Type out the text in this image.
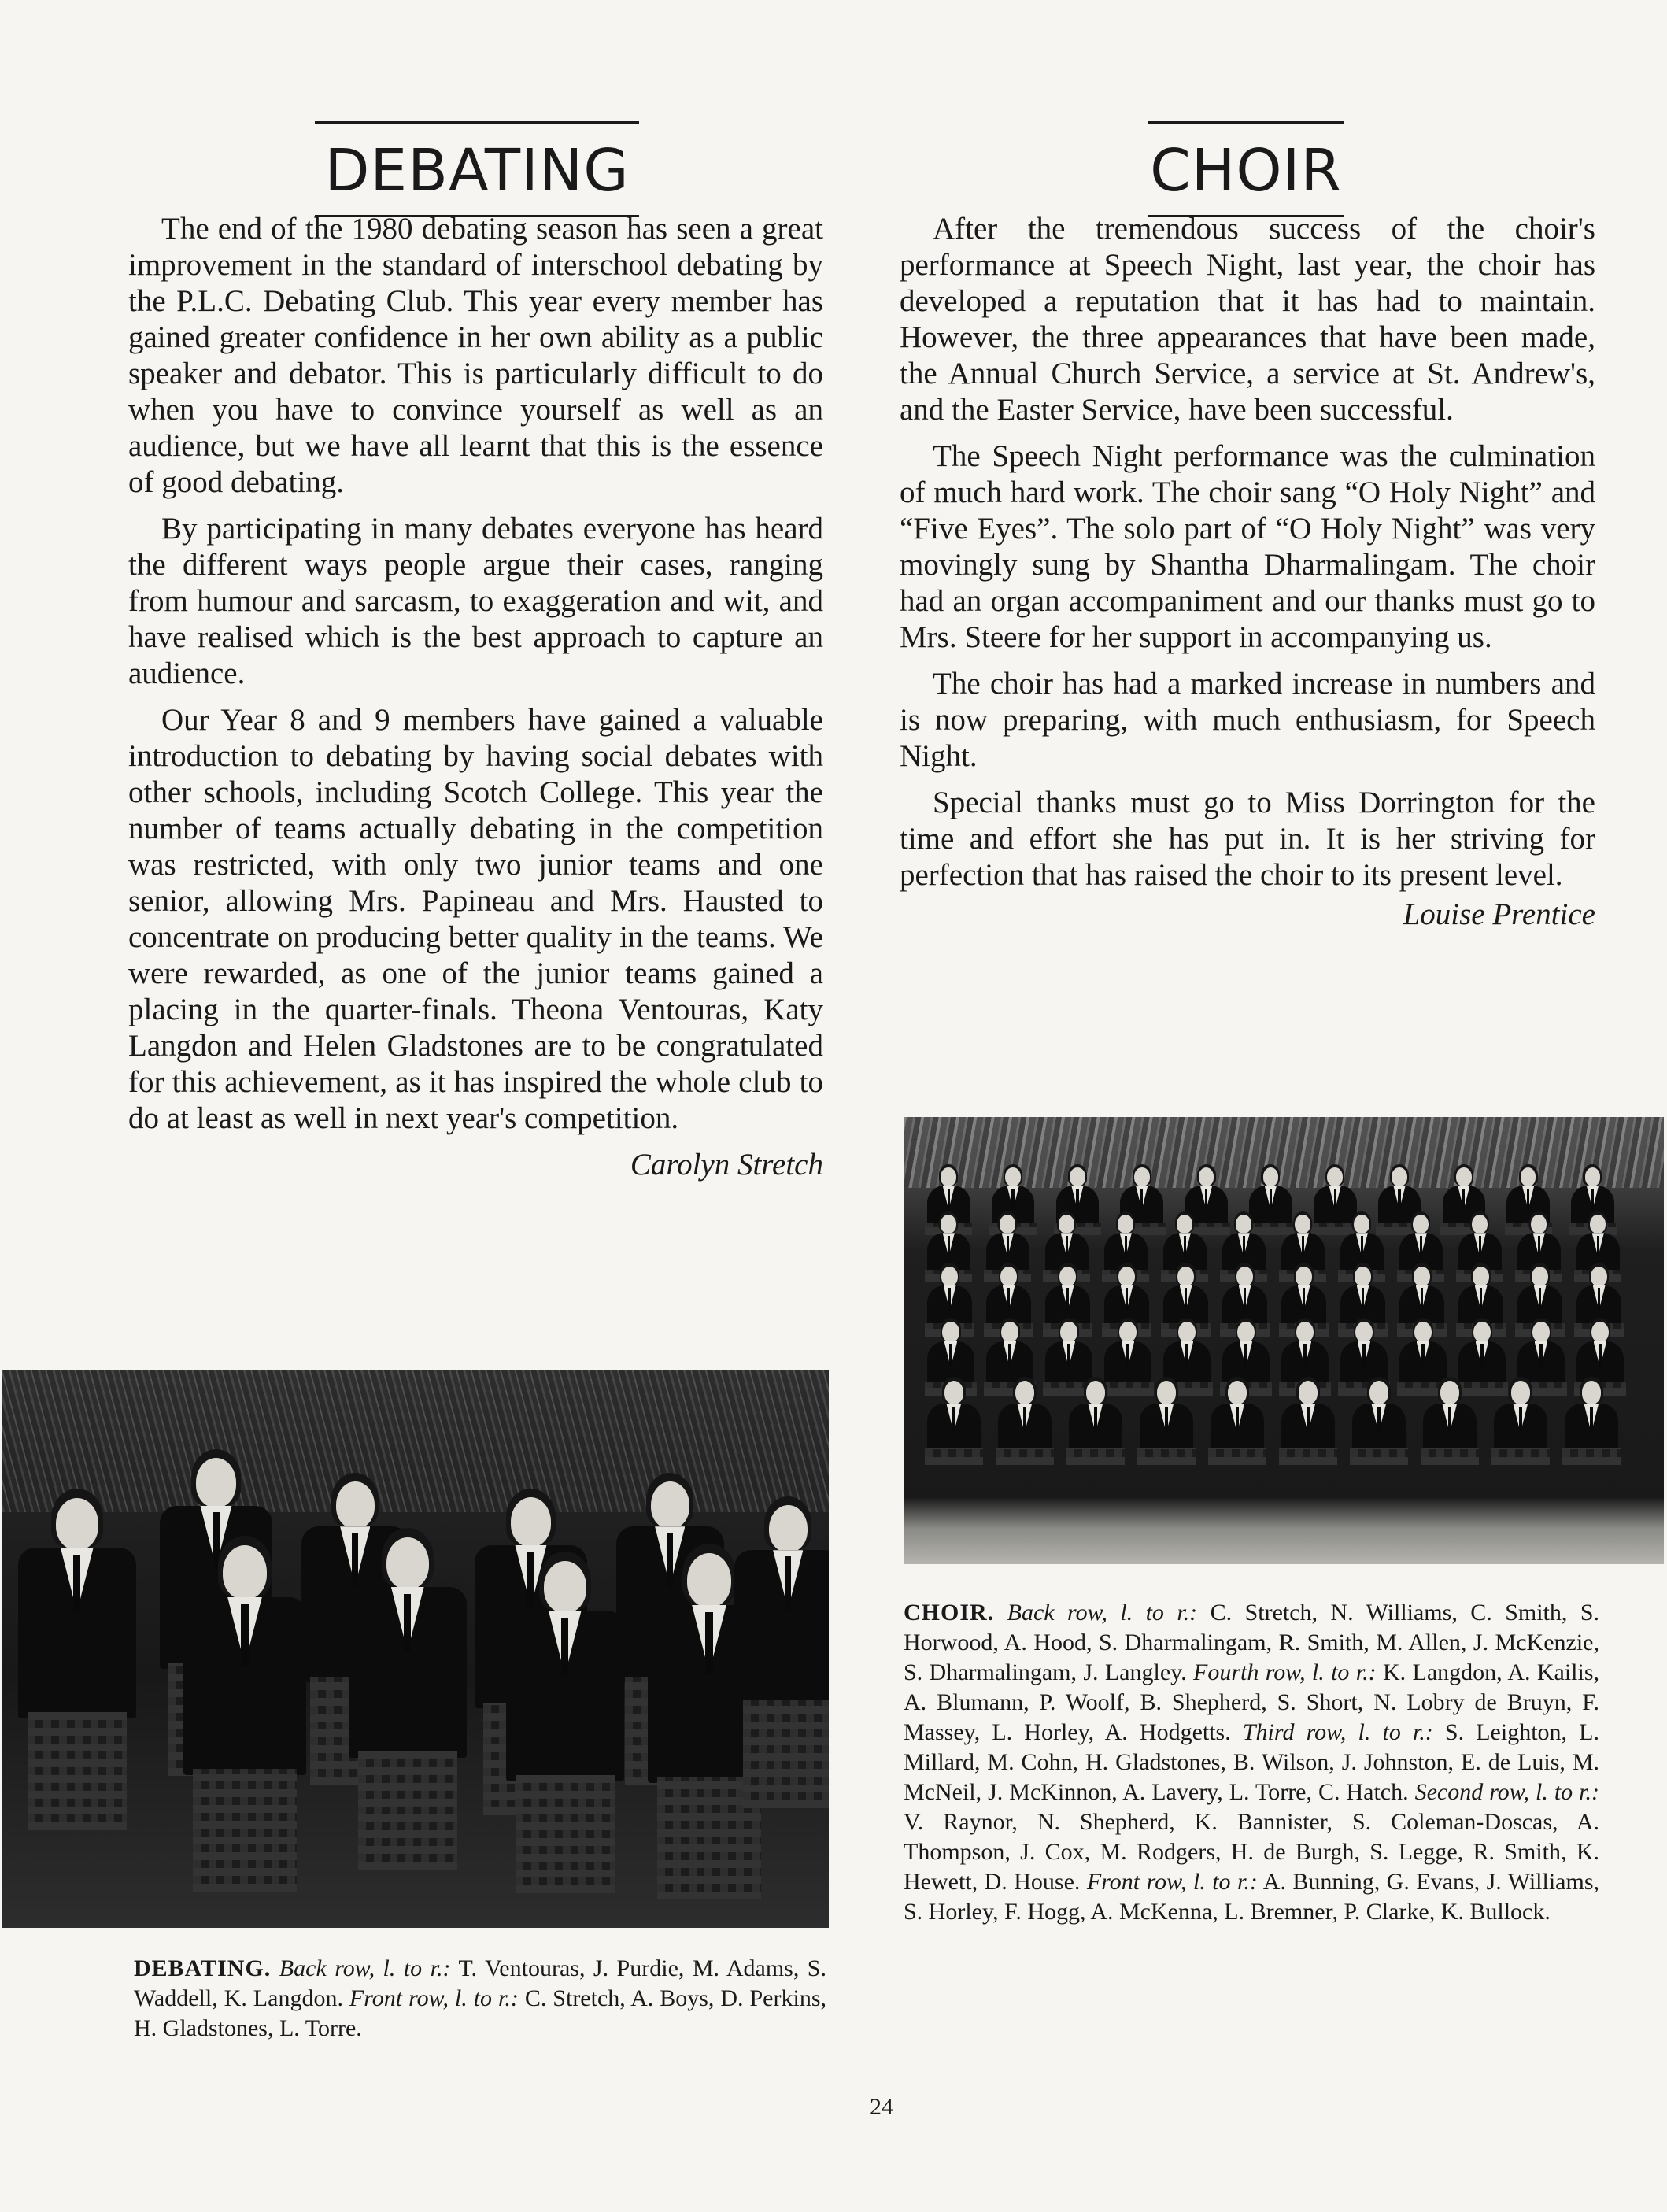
DEBATING

The end of the 1980 debating season has seen a great improvement in the standard of interschool debating by the P.L.C. Debating Club. This year every member has gained greater confidence in her own ability as a public speaker and debator. This is particularly difficult to do when you have to convince yourself as well as an audience, but we have all learnt that this is the essence of good debating.

By participating in many debates everyone has heard the different ways people argue their cases, ranging from humour and sarcasm, to exaggeration and wit, and have realised which is the best approach to capture an audience.

Our Year 8 and 9 members have gained a valuable introduction to debating by having social debates with other schools, including Scotch College. This year the number of teams actually debating in the competition was restricted, with only two junior teams and one senior, allowing Mrs. Papineau and Mrs. Hausted to concentrate on producing better quality in the teams. We were rewarded, as one of the junior teams gained a placing in the quarter-finals. Theona Ventouras, Katy Langdon and Helen Gladstones are to be congratulated for this achievement, as it has inspired the whole club to do at least as well in next year's competition.

Carolyn Stretch
DEBATING. Back row, l. to r.: T. Ventouras, J. Purdie, M. Adams, S. Waddell, K. Langdon. Front row, l. to r.: C. Stretch, A. Boys, D. Perkins, H. Gladstones, L. Torre.
CHOIR

After the tremendous success of the choir's performance at Speech Night, last year, the choir has developed a reputation that it has had to maintain. However, the three appearances that have been made, the Annual Church Service, a service at St. Andrew's, and the Easter Service, have been successful.

The Speech Night performance was the culmination of much hard work. The choir sang “O Holy Night” and “Five Eyes”. The solo part of “O Holy Night” was very movingly sung by Shantha Dharmalingam. The choir had an organ accompaniment and our thanks must go to Mrs. Steere for her support in accompanying us.

The choir has had a marked increase in numbers and is now preparing, with much enthusiasm, for Speech Night.

Special thanks must go to Miss Dorrington for the time and effort she has put in. It is her striving for perfection that has raised the choir to its present level.

Louise Prentice
CHOIR. Back row, l. to r.: C. Stretch, N. Williams, C. Smith, S. Horwood, A. Hood, S. Dharmalingam, R. Smith, M. Allen, J. McKenzie, S. Dharmalingam, J. Langley. Fourth row, l. to r.: K. Langdon, A. Kailis, A. Blumann, P. Woolf, B. Shepherd, S. Short, N. Lobry de Bruyn, F. Massey, L. Horley, A. Hodgetts. Third row, l. to r.: S. Leighton, L. Millard, M. Cohn, H. Gladstones, B. Wilson, J. Johnston, E. de Luis, M. McNeil, J. McKinnon, A. Lavery, L. Torre, C. Hatch. Second row, l. to r.: V. Raynor, N. Shepherd, K. Bannister, S. Coleman-Doscas, A. Thompson, J. Cox, M. Rodgers, H. de Burgh, S. Legge, R. Smith, K. Hewett, D. House. Front row, l. to r.: A. Bunning, G. Evans, J. Williams, S. Horley, F. Hogg, A. McKenna, L. Bremner, P. Clarke, K. Bullock.
24
